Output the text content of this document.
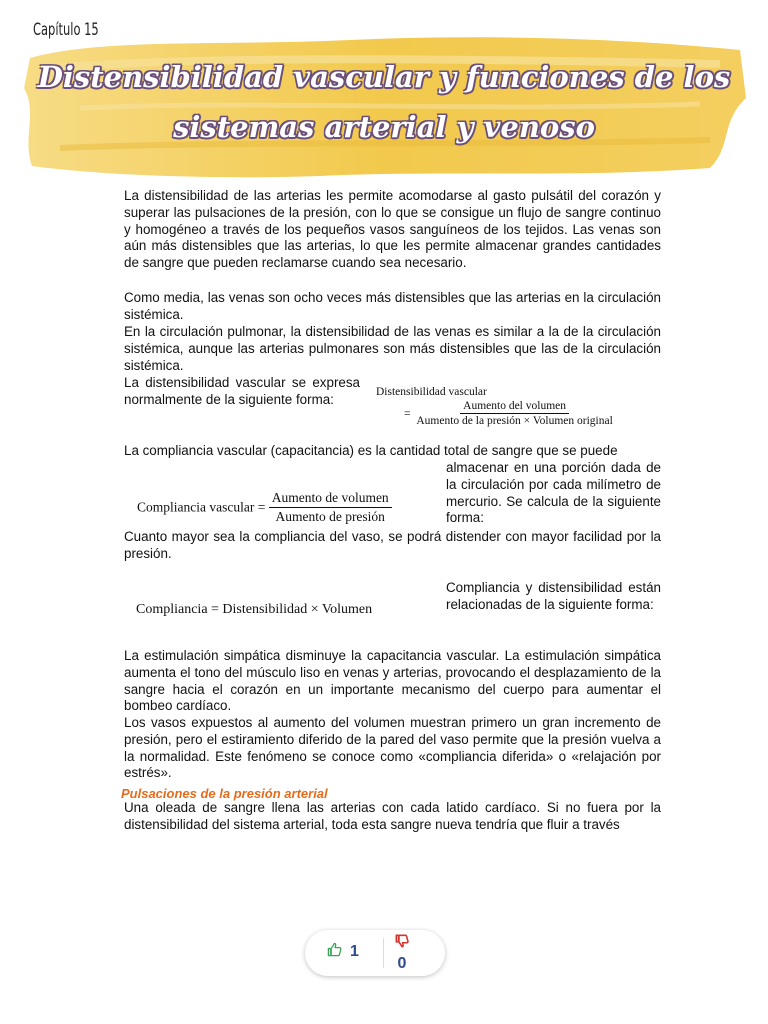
Capítulo 15
Distensibilidad vascular y funciones de los
sistemas arterial y venoso

La distensibilidad de las arterias les permite acomodarse al gasto pulsátil del corazón y superar las pulsaciones de la presión, con lo que se consigue un flujo de sangre continuo y homogéneo a través de los pequeños vasos sanguíneos de los tejidos. Las venas son aún más distensibles que las arterias, lo que les permite almacenar grandes cantidades de sangre que pueden reclamarse cuando sea necesario.

Como media, las venas son ocho veces más distensibles que las arterias en la circulación sistémica.

En la circulación pulmonar, la distensibilidad de las venas es similar a la de la circulación sistémica, aunque las arterias pulmonares son más distensibles que las de la circulación sistémica.

La distensibilidad vascular se expresa normalmente de la siguiente forma:	Distensibilidad vascular
= $\frac{\text{Aumento del volumen}}{\text{Aumento de la presión × Volumen original}}$

La compliancia vascular (capacitancia) es la cantidad total de sangre que se puede

almacenar en una porción dada de la circulación por cada milímetro de mercurio. Se calcula de la siguiente forma:

Compliancia vascular = $\frac{\text{Aumento de volumen}}{\text{Aumento de presión}}$

Cuanto mayor sea la compliancia del vaso, se podrá distender con mayor facilidad por la presión.

Compliancia = Distensibilidad × Volumen

Compliancia y distensibilidad están relacionadas de la siguiente forma:

La estimulación simpática disminuye la capacitancia vascular. La estimulación simpática aumenta el tono del músculo liso en venas y arterias, provocando el desplazamiento de la sangre hacia el corazón en un importante mecanismo del cuerpo para aumentar el bombeo cardíaco.

Los vasos expuestos al aumento del volumen muestran primero un gran incremento de presión, pero el estiramiento diferido de la pared del vaso permite que la presión vuelva a la normalidad. Este fenómeno se conoce como «compliancia diferida» o «relajación por estrés».

Pulsaciones de la presión arterial

Una oleada de sangre llena las arterias con cada latido cardíaco. Si no fuera por la distensibilidad del sistema arterial, toda esta sangre nueva tendría que fluir a través

1
0
